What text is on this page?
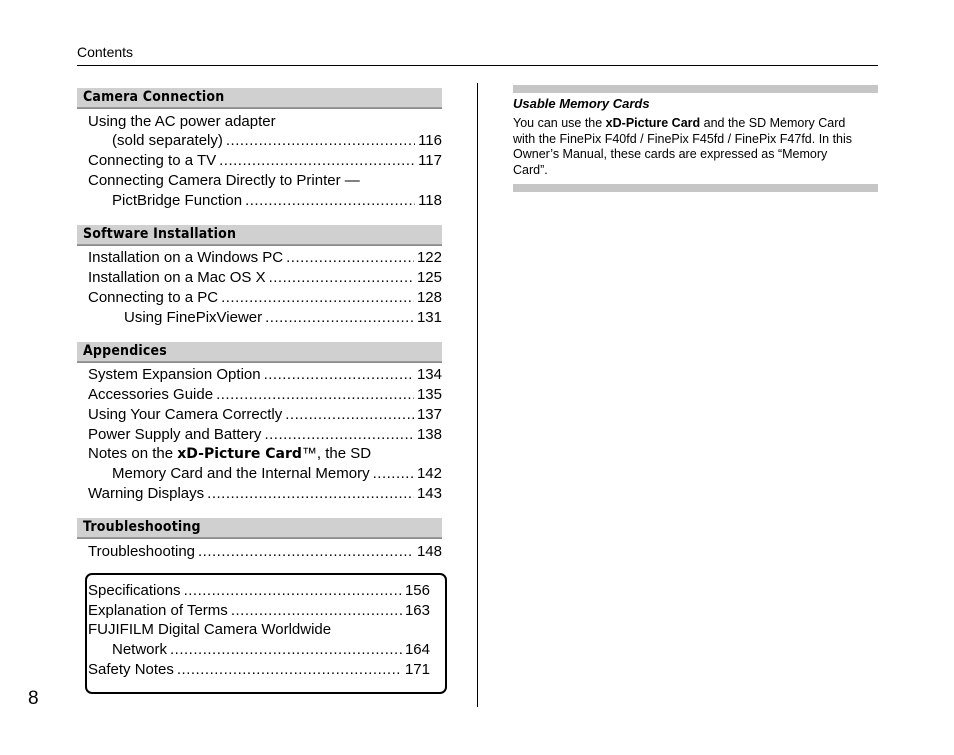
Contents
Camera Connection
Using the AC power adapter
(sold separately) .....	116
Connecting to a TV .....	117
Connecting Camera Directly to Printer —
PictBridge Function .....	118
Software Installation
Installation on a Windows PC .....	122
Installation on a Mac OS X .....	125
Connecting to a PC .....	128
Using FinePixViewer .....	131
Appendices
System Expansion Option .....	134
Accessories Guide .....	135
Using Your Camera Correctly .....	137
Power Supply and Battery .....	138
Notes on the xD-Picture Card™, the SD
Memory Card and the Internal Memory .....	142
Warning Displays .....	143
Troubleshooting
Troubleshooting .....	148
Specifications .....	156
Explanation of Terms .....	163
FUJIFILM Digital Camera Worldwide
Network .....	164
Safety Notes .....	171
8
Usable Memory Cards
You can use the xD-Picture Card and the SD Memory Card
with the FinePix F40fd / FinePix F45fd / FinePix F47fd. In this
Owner’s Manual, these cards are expressed as “Memory
Card”.
